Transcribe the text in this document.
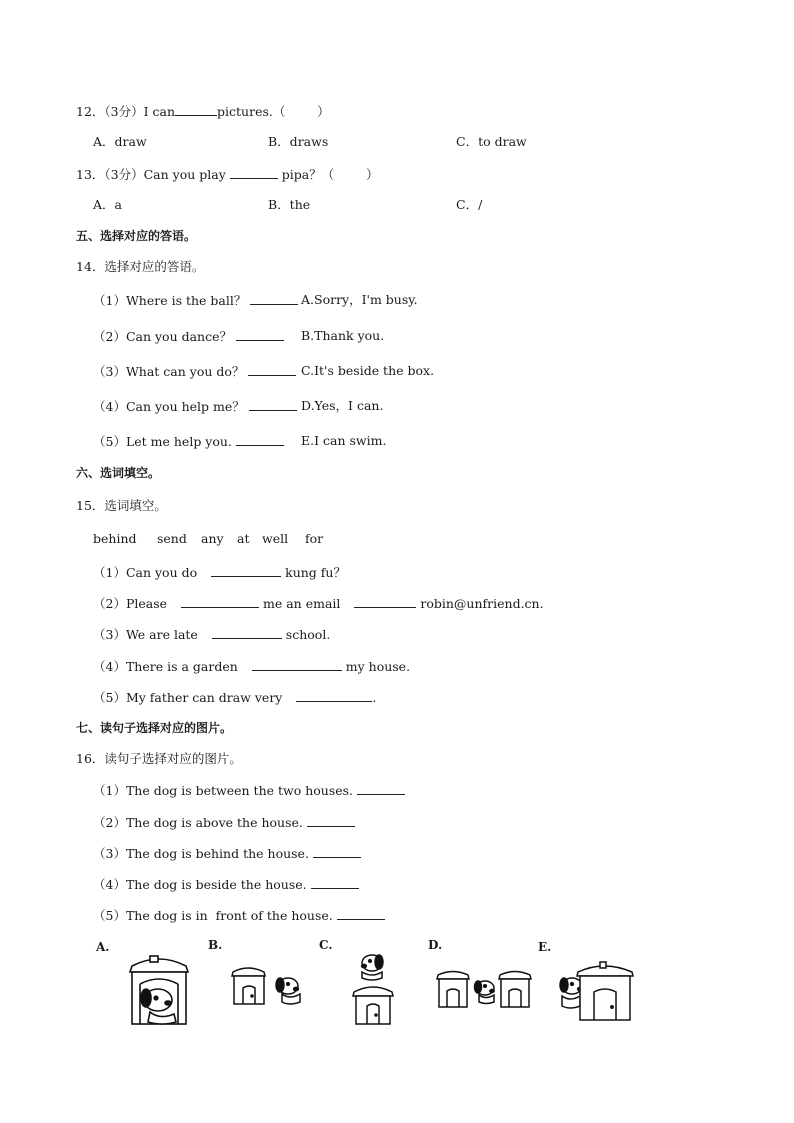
12．（3分）I can	pictures.（        ）
A．draw	B．draws	C．to draw
13．（3分）Can you play	pipa？（        ）
A．a	B．the	C．/
五、选择对应的答语。
14．选择对应的答语。
（1）Where is the ball？	A.Sorry，I'm busy.
（2）Can you dance？	B.Thank you.
（3）What can you do？	C.It's beside the box.
（4）Can you help me？	D.Yes，I can.
（5）Let me help you.	E.I can swim.
六、选词填空。
15．选词填空。
behind send any at well for
（1）Can you do	kung fu？
（2）Please	me an email	robin@unfriend.cn.
（3）We are late	school.
（4）There is a garden	my house.
（5）My father can draw very	.
七、读句子选择对应的图片。
16．读句子选择对应的图片。
（1）The dog is between the two houses.
（2）The dog is above the house.
（3）The dog is behind the house.
（4）The dog is beside the house.
（5）The dog is in  front of the house.
A.	B.	C.	D.	E.
